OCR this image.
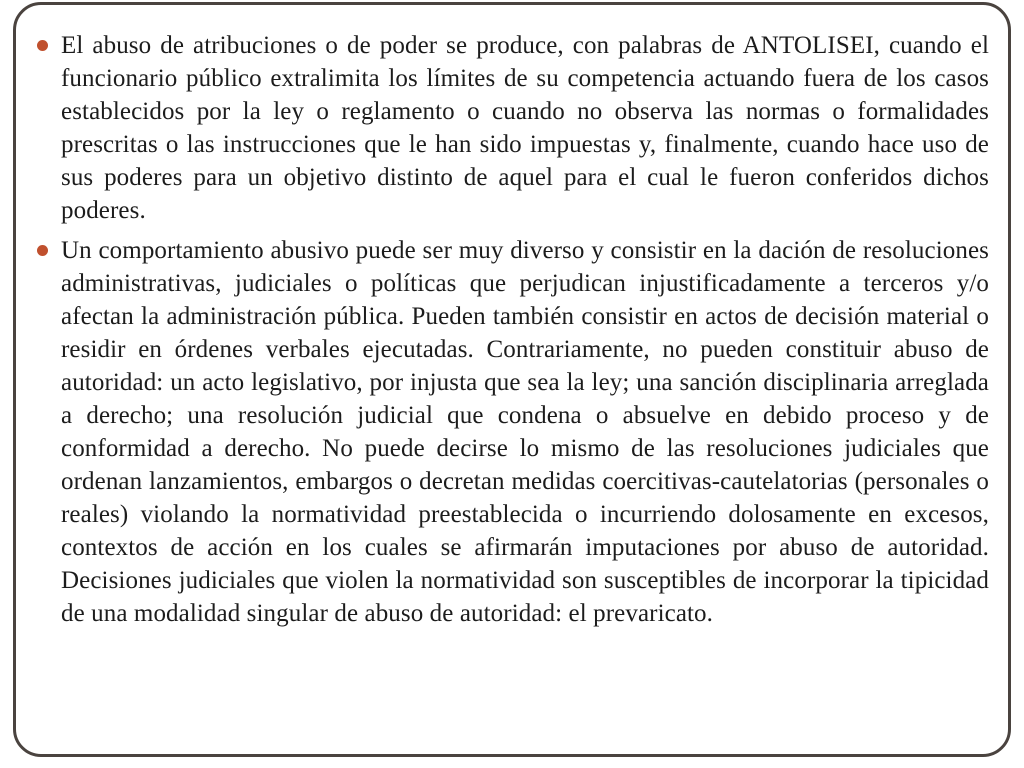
El abuso de atribuciones o de poder se produce, con palabras de ANTOLISEI, cuando el funcionario público extralimita los límites de su competencia actuando fuera de los casos establecidos por la ley o reglamento o cuando no observa las normas o formalidades prescritas o las instrucciones que le han sido impuestas y, finalmente, cuando hace uso de sus poderes para un objetivo distinto de aquel para el cual le fueron conferidos dichos poderes.
Un comportamiento abusivo puede ser muy diverso y consistir en la dación de resoluciones administrativas, judiciales o políticas que perjudican injustificadamente a terceros y/o afectan la administración pública. Pueden también consistir en actos de decisión material o residir en órdenes verbales ejecutadas. Contrariamente, no pueden constituir abuso de autoridad: un acto legislativo, por injusta que sea la ley; una sanción disciplinaria arreglada a derecho; una resolución judicial que condena o absuelve en debido proceso y de conformidad a derecho. No puede decirse lo mismo de las resoluciones judiciales que ordenan lanzamientos, embargos o decretan medidas coercitivas-cautelatorias (personales o reales) violando la normatividad preestablecida o incurriendo dolosamente en excesos, contextos de acción en los cuales se afirmarán imputaciones por abuso de autoridad. Decisiones judiciales que violen la normatividad son susceptibles de incorporar la tipicidad de una modalidad singular de abuso de autoridad: el prevaricato.
